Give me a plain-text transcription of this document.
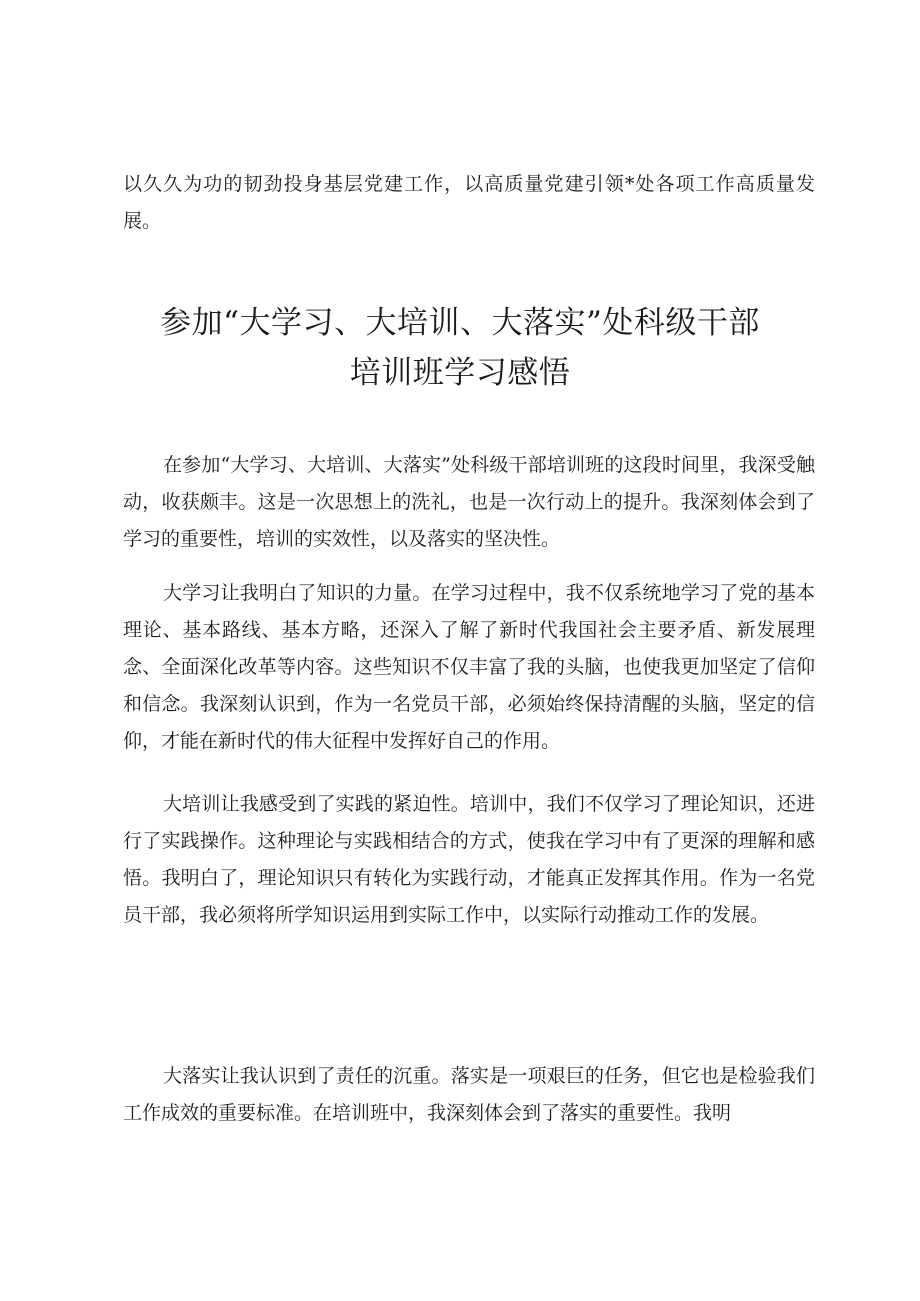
以久久为功的韧劲投身基层党建工作，以高质量党建引领*处各项工作高质量发展。

参加“大学习、大培训、大落实”处科级干部
培训班学习感悟

在参加“大学习、大培训、大落实”处科级干部培训班的这段时间里，我深受触动，收获颇丰。这是一次思想上的洗礼，也是一次行动上的提升。我深刻体会到了学习的重要性，培训的实效性，以及落实的坚决性。

大学习让我明白了知识的力量。在学习过程中，我不仅系统地学习了党的基本理论、基本路线、基本方略，还深入了解了新时代我国社会主要矛盾、新发展理念、全面深化改革等内容。这些知识不仅丰富了我的头脑，也使我更加坚定了信仰和信念。我深刻认识到，作为一名党员干部，必须始终保持清醒的头脑，坚定的信仰，才能在新时代的伟大征程中发挥好自己的作用。

大培训让我感受到了实践的紧迫性。培训中，我们不仅学习了理论知识，还进行了实践操作。这种理论与实践相结合的方式，使我在学习中有了更深的理解和感悟。我明白了，理论知识只有转化为实践行动，才能真正发挥其作用。作为一名党员干部，我必须将所学知识运用到实际工作中，以实际行动推动工作的发展。

大落实让我认识到了责任的沉重。落实是一项艰巨的任务，但它也是检验我们工作成效的重要标准。在培训班中，我深刻体会到了落实的重要性。我明
